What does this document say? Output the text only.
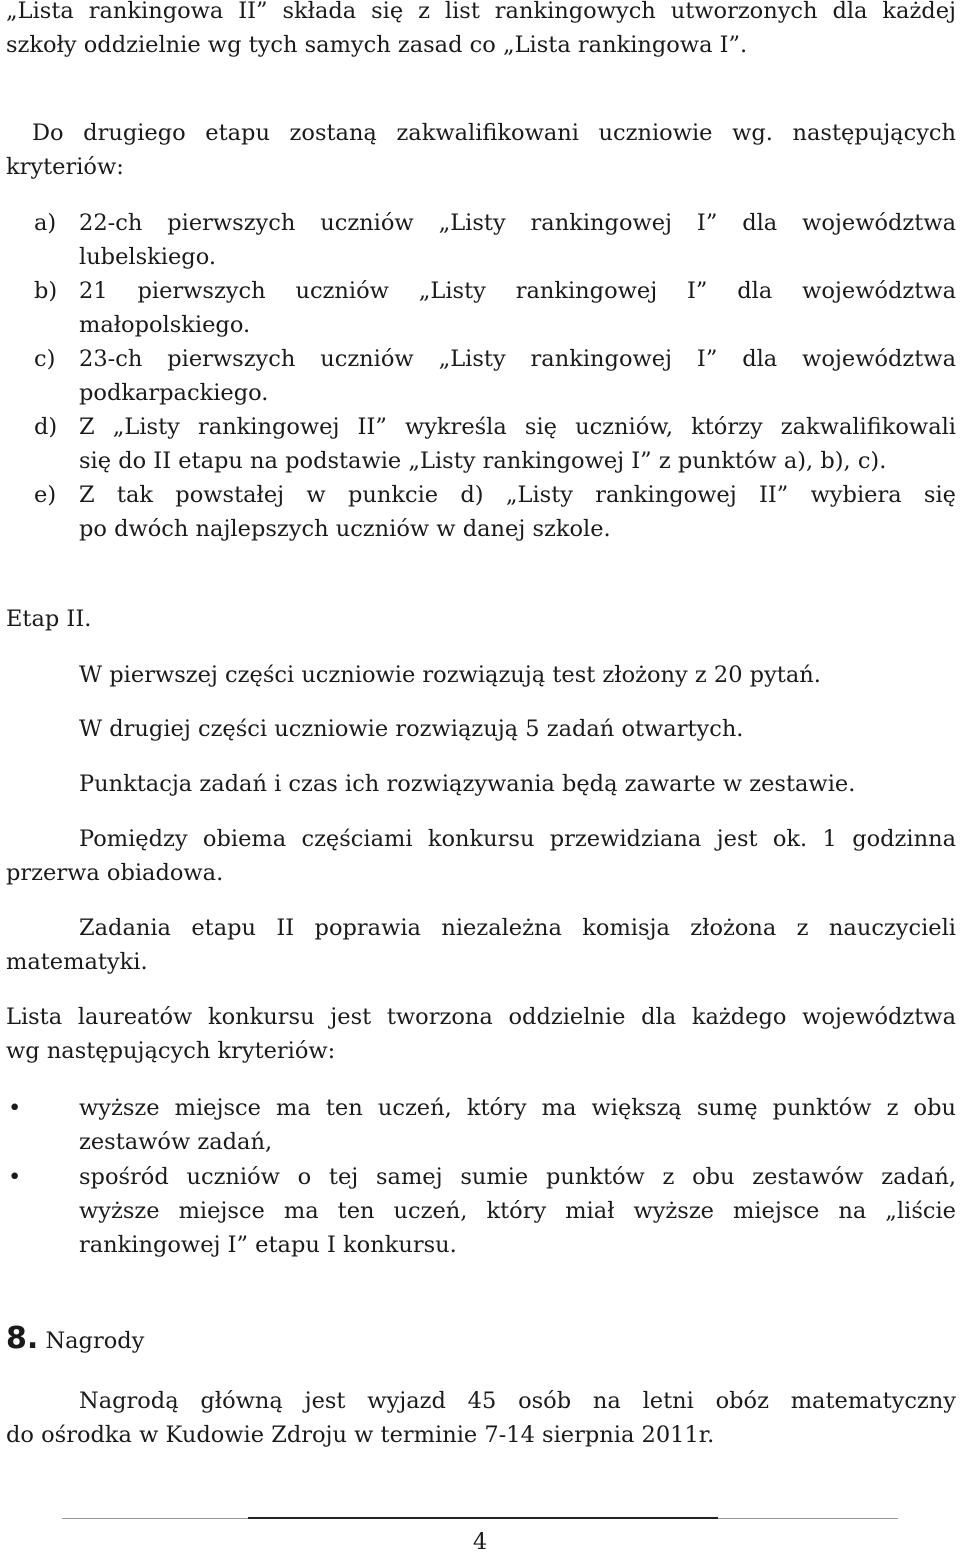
„Lista rankingowa II” składa się z list rankingowych utworzonych dla każdej
szkoły oddzielnie wg tych samych zasad co „Lista rankingowa I”.
Do drugiego etapu zostaną zakwalifikowani uczniowie wg. następujących
kryteriów:
a) 22-ch pierwszych uczniów „Listy rankingowej I” dla województwa
lubelskiego.
b) 21 pierwszych uczniów „Listy rankingowej I” dla województwa
małopolskiego.
c) 23-ch pierwszych uczniów „Listy rankingowej I” dla województwa
podkarpackiego.
d) Z „Listy rankingowej II” wykreśla się uczniów, którzy zakwalifikowali
się do II etapu na podstawie „Listy rankingowej I” z punktów a), b), c).
e) Z tak powstałej w punkcie d) „Listy rankingowej II” wybiera się
po dwóch najlepszych uczniów w danej szkole.
Etap II.
W pierwszej części uczniowie rozwiązują test złożony z 20 pytań.
W drugiej części uczniowie rozwiązują 5 zadań otwartych.
Punktacja zadań i czas ich rozwiązywania będą zawarte w zestawie.
Pomiędzy obiema częściami konkursu przewidziana jest ok. 1 godzinna
przerwa obiadowa.
Zadania etapu II poprawia niezależna komisja złożona z nauczycieli
matematyki.
Lista laureatów konkursu jest tworzona oddzielnie dla każdego województwa
wg następujących kryteriów:
•	wyższe miejsce ma ten uczeń, który ma większą sumę punktów z obu
zestawów zadań,
•	spośród uczniów o tej samej sumie punktów z obu zestawów zadań,
wyższe miejsce ma ten uczeń, który miał wyższe miejsce na „liście
rankingowej I” etapu I konkursu.
8. Nagrody
Nagrodą główną jest wyjazd 45 osób na letni obóz matematyczny
do ośrodka w Kudowie Zdroju w terminie 7-14 sierpnia 2011r.
4
